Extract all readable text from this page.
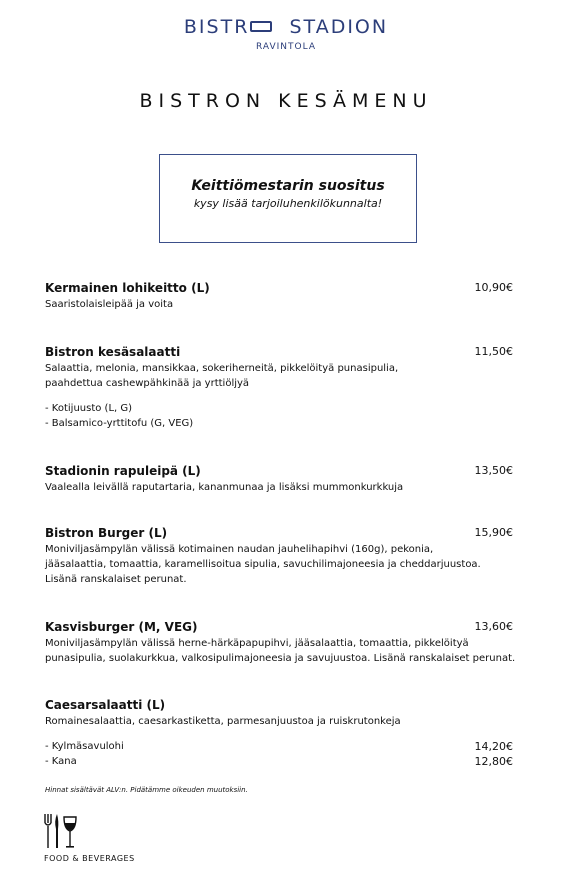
BISTR STADION
RAVINTOLA
BISTRON KESÄMENU
Keittiömestarin suositus
kysy lisää tarjoiluhenkilökunnalta!
Kermainen lohikeitto (L)	10,90€
Saaristolaisleipää ja voita
Bistron kesäsalaatti	11,50€
Salaattia, melonia, mansikkaa, sokeriherneitä, pikkelöityä punasipulia,
paahdettua cashewpähkinää ja yrttiöljyä
- Kotijuusto (L, G)
- Balsamico-yrttitofu (G, VEG)
Stadionin rapuleipä (L)	13,50€
Vaalealla leivällä raputartaria, kananmunaa ja lisäksi mummonkurkkuja
Bistron Burger (L)	15,90€
Moniviljasämpylän välissä kotimainen naudan jauhelihapihvi (160g), pekonia,
jääsalaattia, tomaattia, karamellisoitua sipulia, savuchilimajoneesia ja cheddarjuustoa.
Lisänä ranskalaiset perunat.
Kasvisburger (M, VEG)	13,60€
Moniviljasämpylän välissä herne-härkäpapupihvi, jääsalaattia, tomaattia, pikkelöityä
punasipulia, suolakurkkua, valkosipulimajoneesia ja savujuustoa. Lisänä ranskalaiset perunat.
Caesarsalaatti (L)
Romainesalaattia, caesarkastiketta, parmesanjuustoa ja ruiskrutonkeja
- Kylmäsavulohi	14,20€
- Kana	12,80€
Hinnat sisältävät ALV:n. Pidätämme oikeuden muutoksiin.
FOOD & BEVERAGES
